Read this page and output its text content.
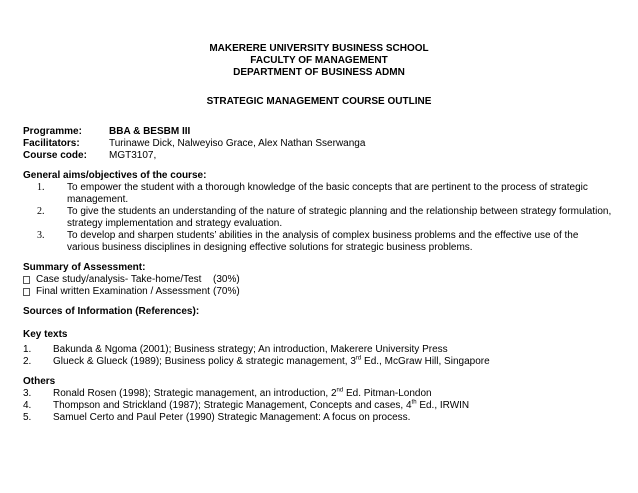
MAKERERE UNIVERSITY BUSINESS SCHOOL
FACULTY OF MANAGEMENT
DEPARTMENT OF BUSINESS ADMN
STRATEGIC MANAGEMENT COURSE OUTLINE
Programme:	BBA & BESBM III
Facilitators:	Turinawe Dick, Nalweyiso Grace, Alex Nathan Sserwanga
Course code:	MGT3107,
General aims/objectives of the course:
1.	To empower the student with a thorough knowledge of the basic concepts that are pertinent to the process of strategic management.
2.	To give the students an understanding of the nature of strategic planning and the relationship between strategy formulation, strategy implementation and strategy evaluation.
3.	To develop and sharpen students’ abilities in the analysis of complex business problems and the effective use of the various business disciplines in designing effective solutions for strategic business problems.
Summary of Assessment:
Case study/analysis- Take-home/Test	(30%)
Final written Examination / Assessment (70%)
Sources of Information (References):
Key texts
1.	Bakunda & Ngoma (2001); Business strategy; An introduction, Makerere University Press
2.	Glueck & Glueck (1989); Business policy & strategic management, 3rd Ed., McGraw Hill, Singapore
Others
3.	Ronald Rosen (1998); Strategic management, an introduction, 2nd Ed. Pitman-London
4.	Thompson and Strickland (1987); Strategic Management, Concepts and cases, 4th Ed., IRWIN
5.	Samuel Certo and Paul Peter (1990) Strategic Management: A focus on process.
